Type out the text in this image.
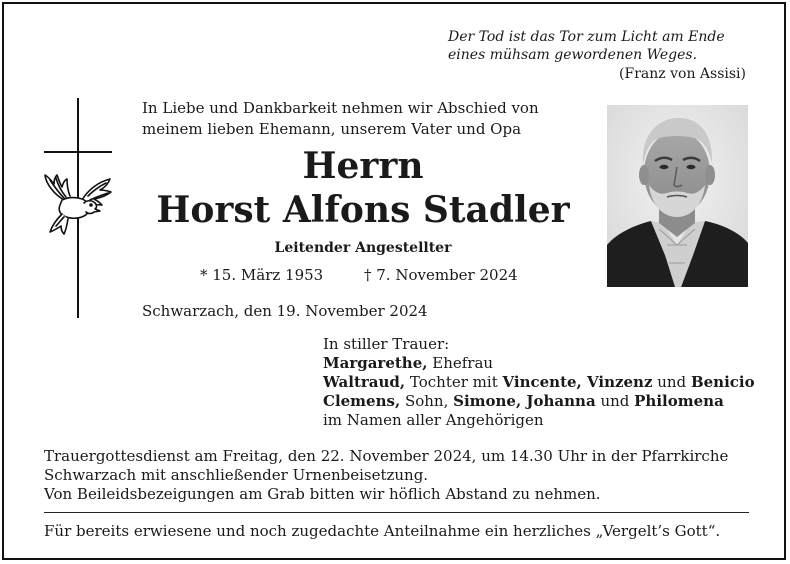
Der Tod ist das Tor zum Licht am Ende
eines mühsam gewordenen Weges.
(Franz von Assisi)
In Liebe und Dankbarkeit nehmen wir Abschied von
meinem lieben Ehemann, unserem Vater und Opa
Herrn
Horst Alfons Stadler
Leitender Angestellter
* 15. März 1953	† 7. November 2024
Schwarzach, den 19. November 2024
In stiller Trauer:
Margarethe, Ehefrau
Waltraud, Tochter mit Vincente, Vinzenz und Benicio
Clemens, Sohn, Simone, Johanna und Philomena
im Namen aller Angehörigen
Trauergottesdienst am Freitag, den 22. November 2024, um 14.30 Uhr in der Pfarrkirche
Schwarzach mit anschließender Urnenbeisetzung.
Von Beileidsbezeigungen am Grab bitten wir höflich Abstand zu nehmen.
Für bereits erwiesene und noch zugedachte Anteilnahme ein herzliches „Vergelt’s Gott“.
